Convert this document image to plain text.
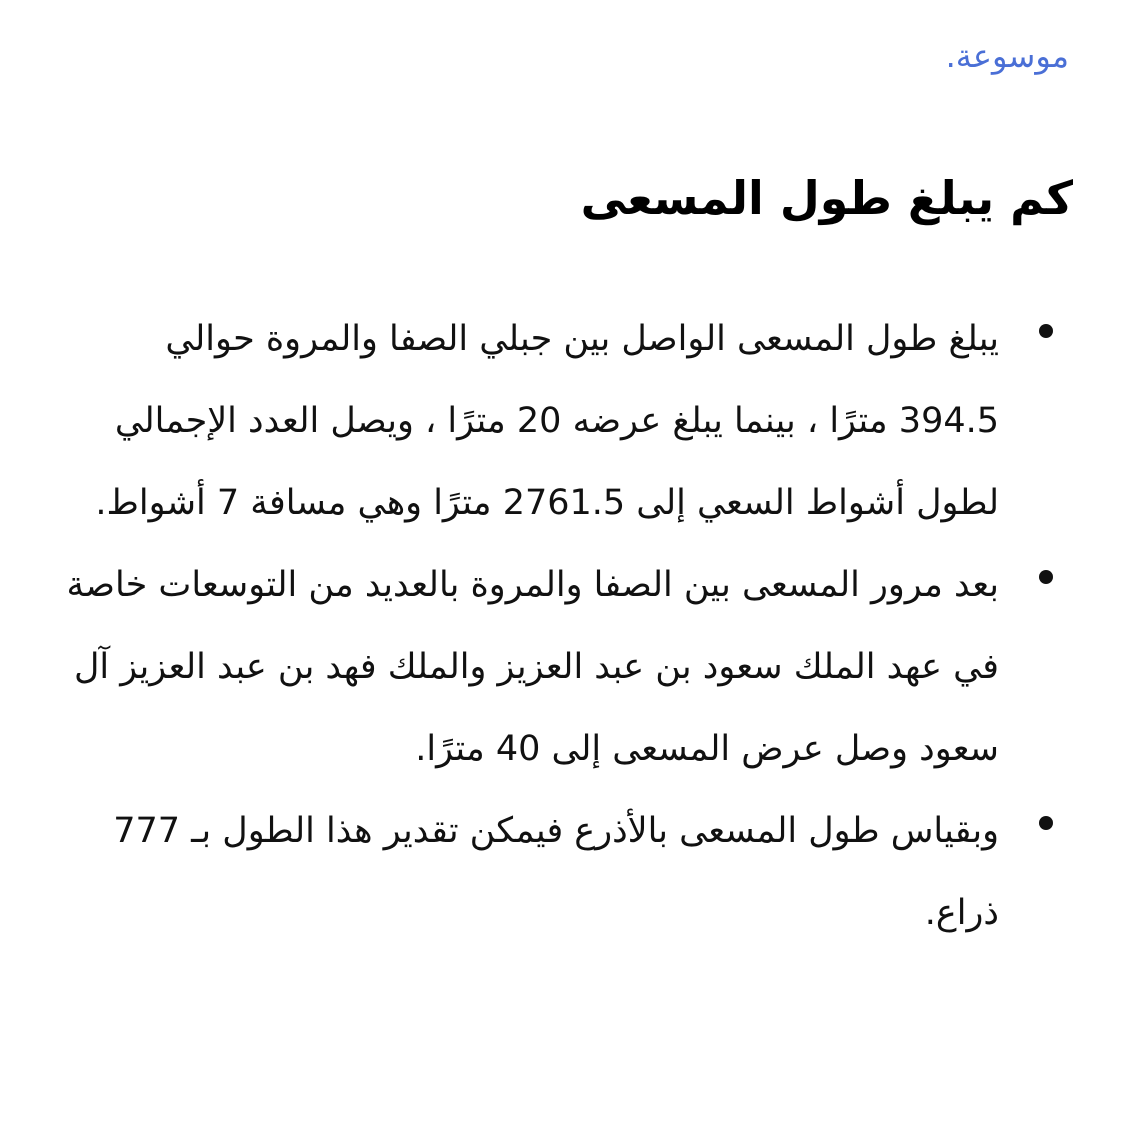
موسوعة.
كم يبلغ طول المسعى
يبلغ طول المسعى الواصل بين جبلي الصفا والمروة حوالي 394.5 مترًا ، بينما يبلغ عرضه 20 مترًا ، ويصل العدد الإجمالي لطول أشواط السعي إلى 2761.5 مترًا وهي مسافة 7 أشواط.
بعد مرور المسعى بين الصفا والمروة بالعديد من التوسعات خاصة في عهد الملك سعود بن عبد العزيز والملك فهد بن عبد العزيز آل سعود وصل عرض المسعى إلى 40 مترًا.
وبقياس طول المسعى بالأذرع فيمكن تقدير هذا الطول بـ 777 ذراع.
